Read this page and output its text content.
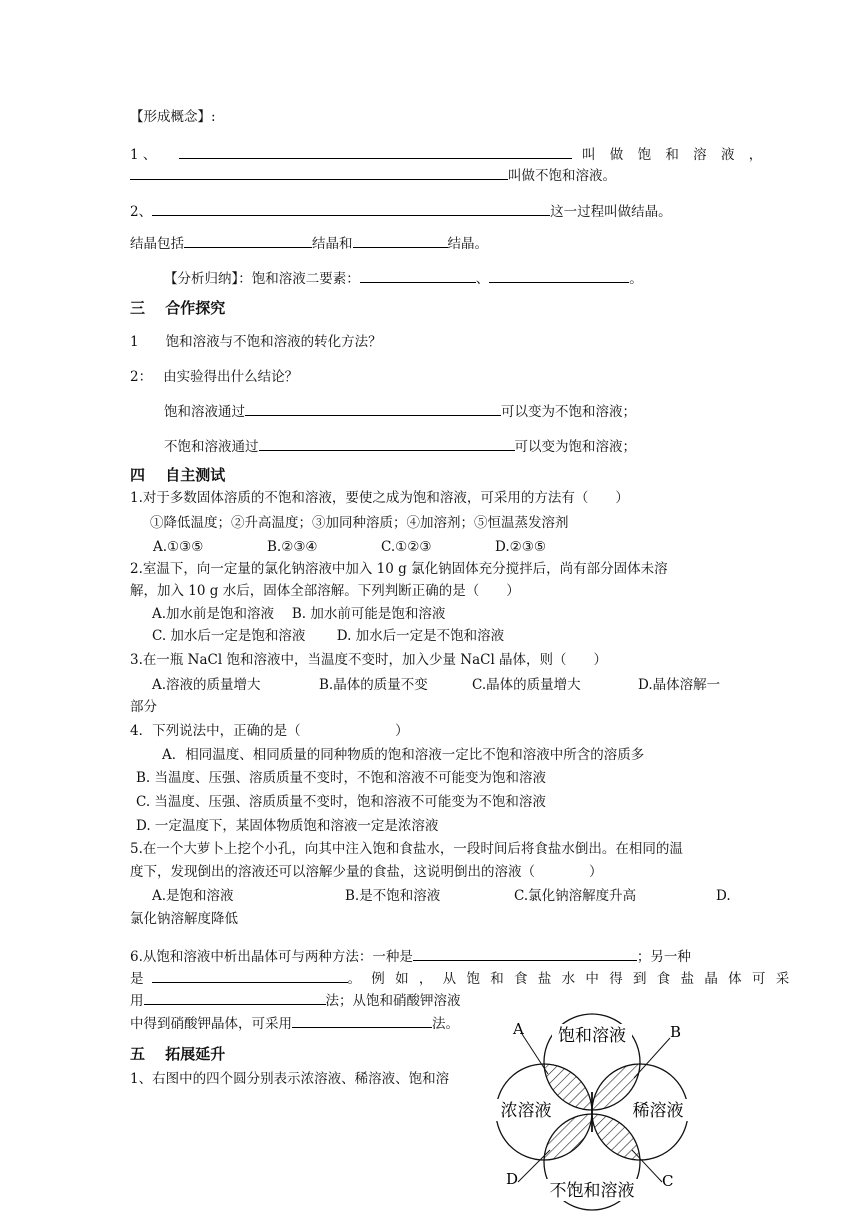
【形成概念】:
1 、	叫 做 饱 和 溶 液 ，
叫做不饱和溶液。
2、	这一过程叫做结晶。
结晶包括	结晶和	结晶。
【分析归纳】：饱和溶液二要素：	、	。
三　 合作探究
1　　饱和溶液与不饱和溶液的转化方法？
2：　 由实验得出什么结论？
饱和溶液通过	可以变为不饱和溶液；
不饱和溶液通过	可以变为饱和溶液；
四　 自主测试
1.对于多数固体溶质的不饱和溶液，要使之成为饱和溶液，可采用的方法有（　　）
①降低温度；②升高温度；③加同种溶质；④加溶剂；⑤恒温蒸发溶剂
A.①③⑤	B.②③④	C.①②③	D.②③⑤
2.室温下，向一定量的氯化钠溶液中加入 10 g 氯化钠固体充分搅拌后，尚有部分固体未溶
解，加入 10 g 水后，固体全部溶解。下列判断正确的是（　　）
A.加水前是饱和溶液　 B. 加水前可能是饱和溶液
C. 加水后一定是饱和溶液　　 D. 加水后一定是不饱和溶液
3.在一瓶 NaCl 饱和溶液中，当温度不变时，加入少量 NaCl 晶体，则（　　）
A.溶液的质量增大	B.晶体的质量不变	C.晶体的质量增大	D.晶体溶解一
部分
4．下列说法中，正确的是（　　　　　　　）
A．相同温度、相同质量的同种物质的饱和溶液一定比不饱和溶液中所含的溶质多
B. 当温度、压强、溶质质量不变时，不饱和溶液不可能变为饱和溶液
C. 当温度、压强、溶质质量不变时，饱和溶液不可能变为不饱和溶液
D. 一定温度下，某固体物质饱和溶液一定是浓溶液
5.在一个大萝卜上挖个小孔，向其中注入饱和食盐水，一段时间后将食盐水倒出。在相同的温
度下，发现倒出的溶液还可以溶解少量的食盐，这说明倒出的溶液（　　　　）
A.是饱和溶液	B.是不饱和溶液	C.氯化钠溶解度升高	D.
氯化钠溶解度降低
6.从饱和溶液中析出晶体可与两种方法：一种是	；另一种
是	。 例 如 ， 从 饱 和 食 盐 水 中 得 到 食 盐 晶 体 可 采
用	法；从饱和硝酸钾溶液
中得到硝酸钾晶体，可采用	法。
五　 拓展延升
1、右图中的四个圆分别表示浓溶液、稀溶液、饱和溶
饱和溶液
浓溶液	稀溶液
不饱和溶液
A	B
D	C
